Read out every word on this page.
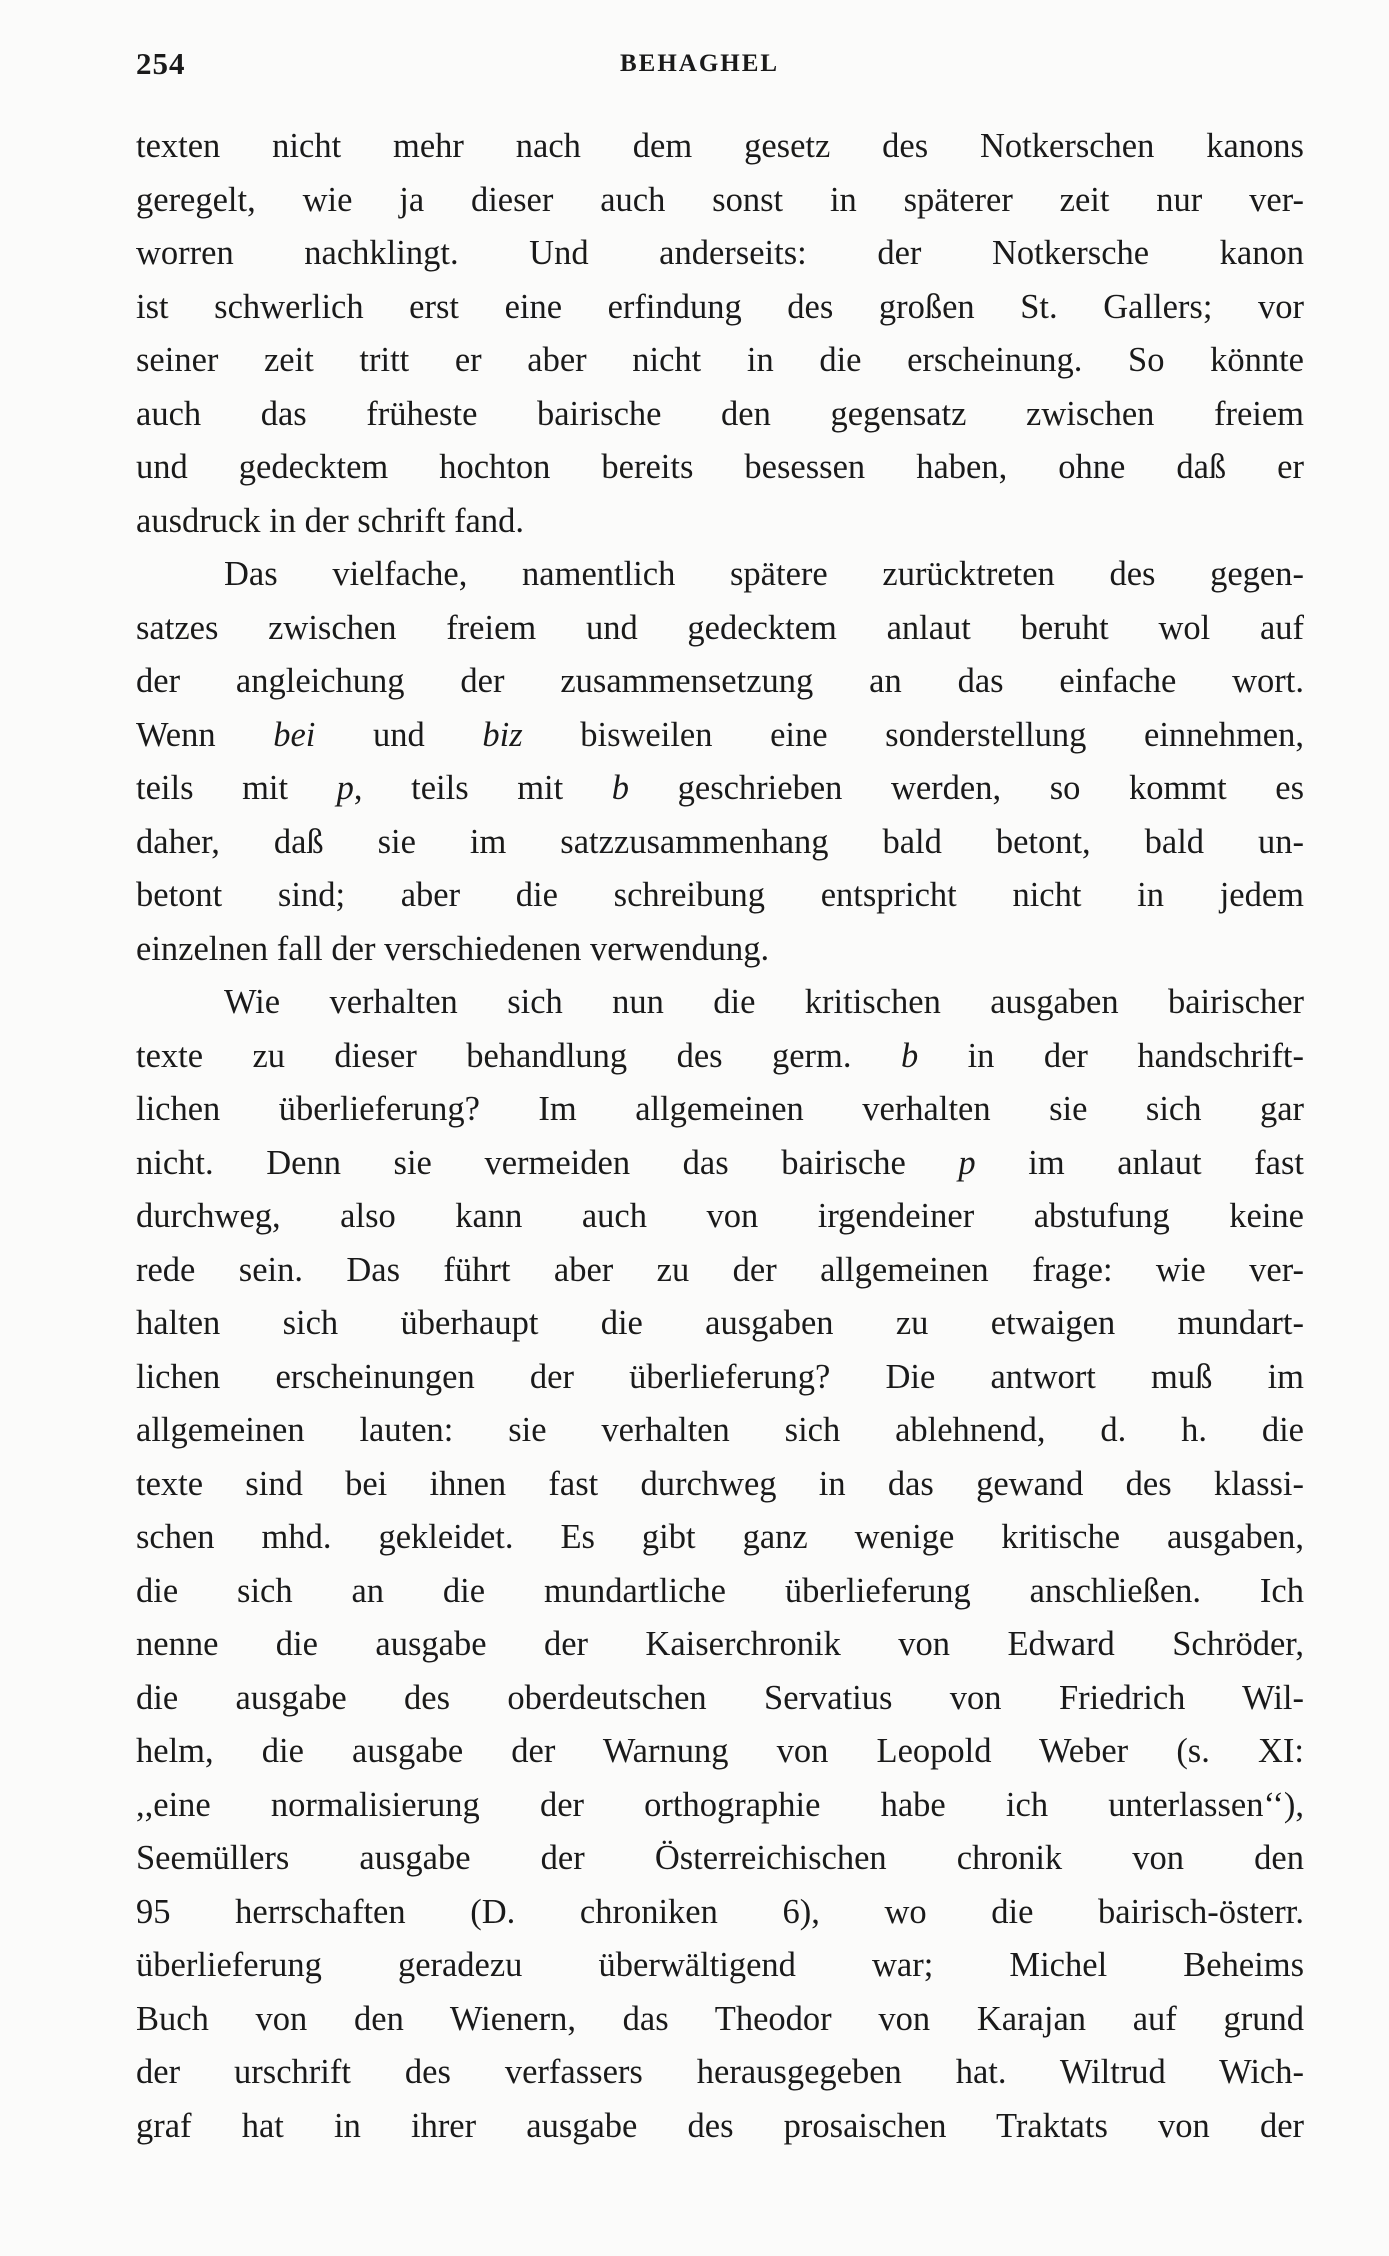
254	BEHAGHEL
texten nicht mehr nach dem gesetz des Notkerschen kanons
geregelt, wie ja dieser auch sonst in späterer zeit nur ver-
worren nachklingt. Und anderseits: der Notkersche kanon
ist schwerlich erst eine erfindung des großen St. Gallers; vor
seiner zeit tritt er aber nicht in die erscheinung. So könnte
auch das früheste bairische den gegensatz zwischen freiem
und gedecktem hochton bereits besessen haben, ohne daß er
ausdruck in der schrift fand.
Das vielfache, namentlich spätere zurücktreten des gegen-
satzes zwischen freiem und gedecktem anlaut beruht wol auf
der angleichung der zusammensetzung an das einfache wort.
Wenn bei und biz bisweilen eine sonderstellung einnehmen,
teils mit p, teils mit b geschrieben werden, so kommt es
daher, daß sie im satzzusammenhang bald betont, bald un-
betont sind; aber die schreibung entspricht nicht in jedem
einzelnen fall der verschiedenen verwendung.
Wie verhalten sich nun die kritischen ausgaben bairischer
texte zu dieser behandlung des germ. b in der handschrift-
lichen überlieferung? Im allgemeinen verhalten sie sich gar
nicht. Denn sie vermeiden das bairische p im anlaut fast
durchweg, also kann auch von irgendeiner abstufung keine
rede sein. Das führt aber zu der allgemeinen frage: wie ver-
halten sich überhaupt die ausgaben zu etwaigen mundart-
lichen erscheinungen der überlieferung? Die antwort muß im
allgemeinen lauten: sie verhalten sich ablehnend, d. h. die
texte sind bei ihnen fast durchweg in das gewand des klassi-
schen mhd. gekleidet. Es gibt ganz wenige kritische ausgaben,
die sich an die mundartliche überlieferung anschließen. Ich
nenne die ausgabe der Kaiserchronik von Edward Schröder,
die ausgabe des oberdeutschen Servatius von Friedrich Wil-
helm, die ausgabe der Warnung von Leopold Weber (s. XI:
,,eine normalisierung der orthographie habe ich unterlassen‘‘),
Seemüllers ausgabe der Österreichischen chronik von den
95 herrschaften (D. chroniken 6), wo die bairisch-österr.
überlieferung geradezu überwältigend war; Michel Beheims
Buch von den Wienern, das Theodor von Karajan auf grund
der urschrift des verfassers herausgegeben hat. Wiltrud Wich-
graf hat in ihrer ausgabe des prosaischen Traktats von der
